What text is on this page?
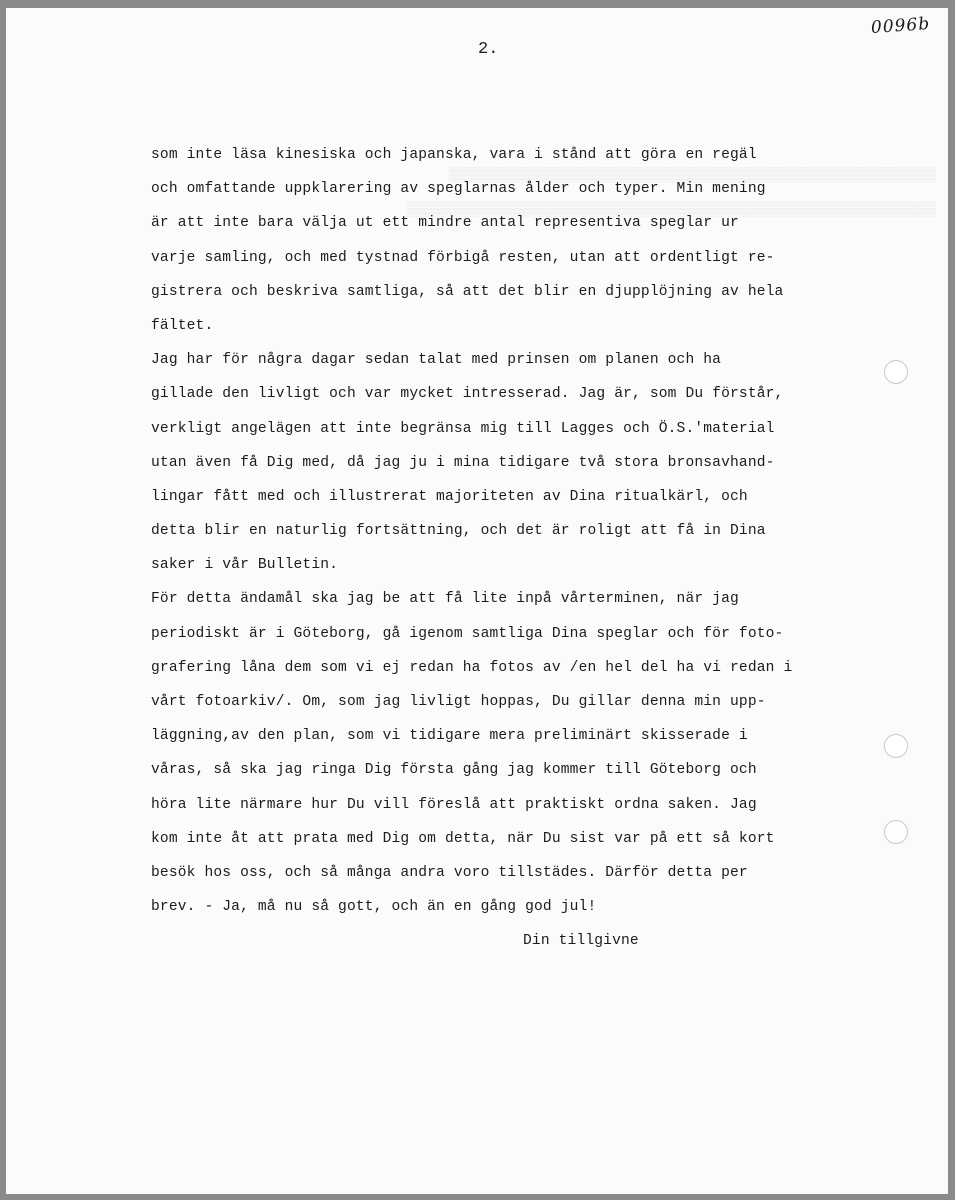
0096b
2.
▒▒▒▒▒▒▒▒▒▒▒▒▒▒▒▒▒▒▒▒▒▒▒▒▒▒▒▒▒▒▒▒▒▒▒▒▒▒▒▒▒▒▒▒▒▒▒▒▒▒▒▒▒▒▒▒▒▒
▒▒▒▒▒▒▒▒▒▒▒▒▒▒▒▒▒▒▒▒▒▒▒▒▒▒▒▒▒▒▒▒▒▒▒▒▒▒▒▒▒▒▒▒▒▒▒▒▒▒▒▒▒▒▒▒▒▒▒▒▒▒▒
som inte läsa kinesiska och japanska, vara i stånd att göra en regäl
och omfattande uppklarering av speglarnas ålder och typer. Min mening
är att inte bara välja ut ett mindre antal representiva speglar ur
varje samling, och med tystnad förbigå resten, utan att ordentligt re-
gistrera och beskriva samtliga, så att det blir en djupplöjning av hela
fältet.
Jag har för några dagar sedan talat med prinsen om planen och ha
gillade den livligt och var mycket intresserad. Jag är, som Du förstår,
verkligt angelägen att inte begränsa mig till Lagges och Ö.S.'material
utan även få Dig med, då jag ju i mina tidigare två stora bronsavhand-
lingar fått med och illustrerat majoriteten av Dina ritualkärl, och
detta blir en naturlig fortsättning, och det är roligt att få in Dina
saker i vår Bulletin.
För detta ändamål ska jag be att få lite inpå vårterminen, när jag
periodiskt är i Göteborg, gå igenom samtliga Dina speglar och för foto-
grafering låna dem som vi ej redan ha fotos av /en hel del ha vi redan i
vårt fotoarkiv/. Om, som jag livligt hoppas, Du gillar denna min upp-
läggning,av den plan, som vi tidigare mera preliminärt skisserade i
våras, så ska jag ringa Dig första gång jag kommer till Göteborg och
höra lite närmare hur Du vill föreslå att praktiskt ordna saken. Jag
kom inte åt att prata med Dig om detta, när Du sist var på ett så kort
besök hos oss, och så många andra voro tillstädes. Därför detta per
brev. - Ja, må nu så gott, och än en gång god jul!
Din tillgivne
